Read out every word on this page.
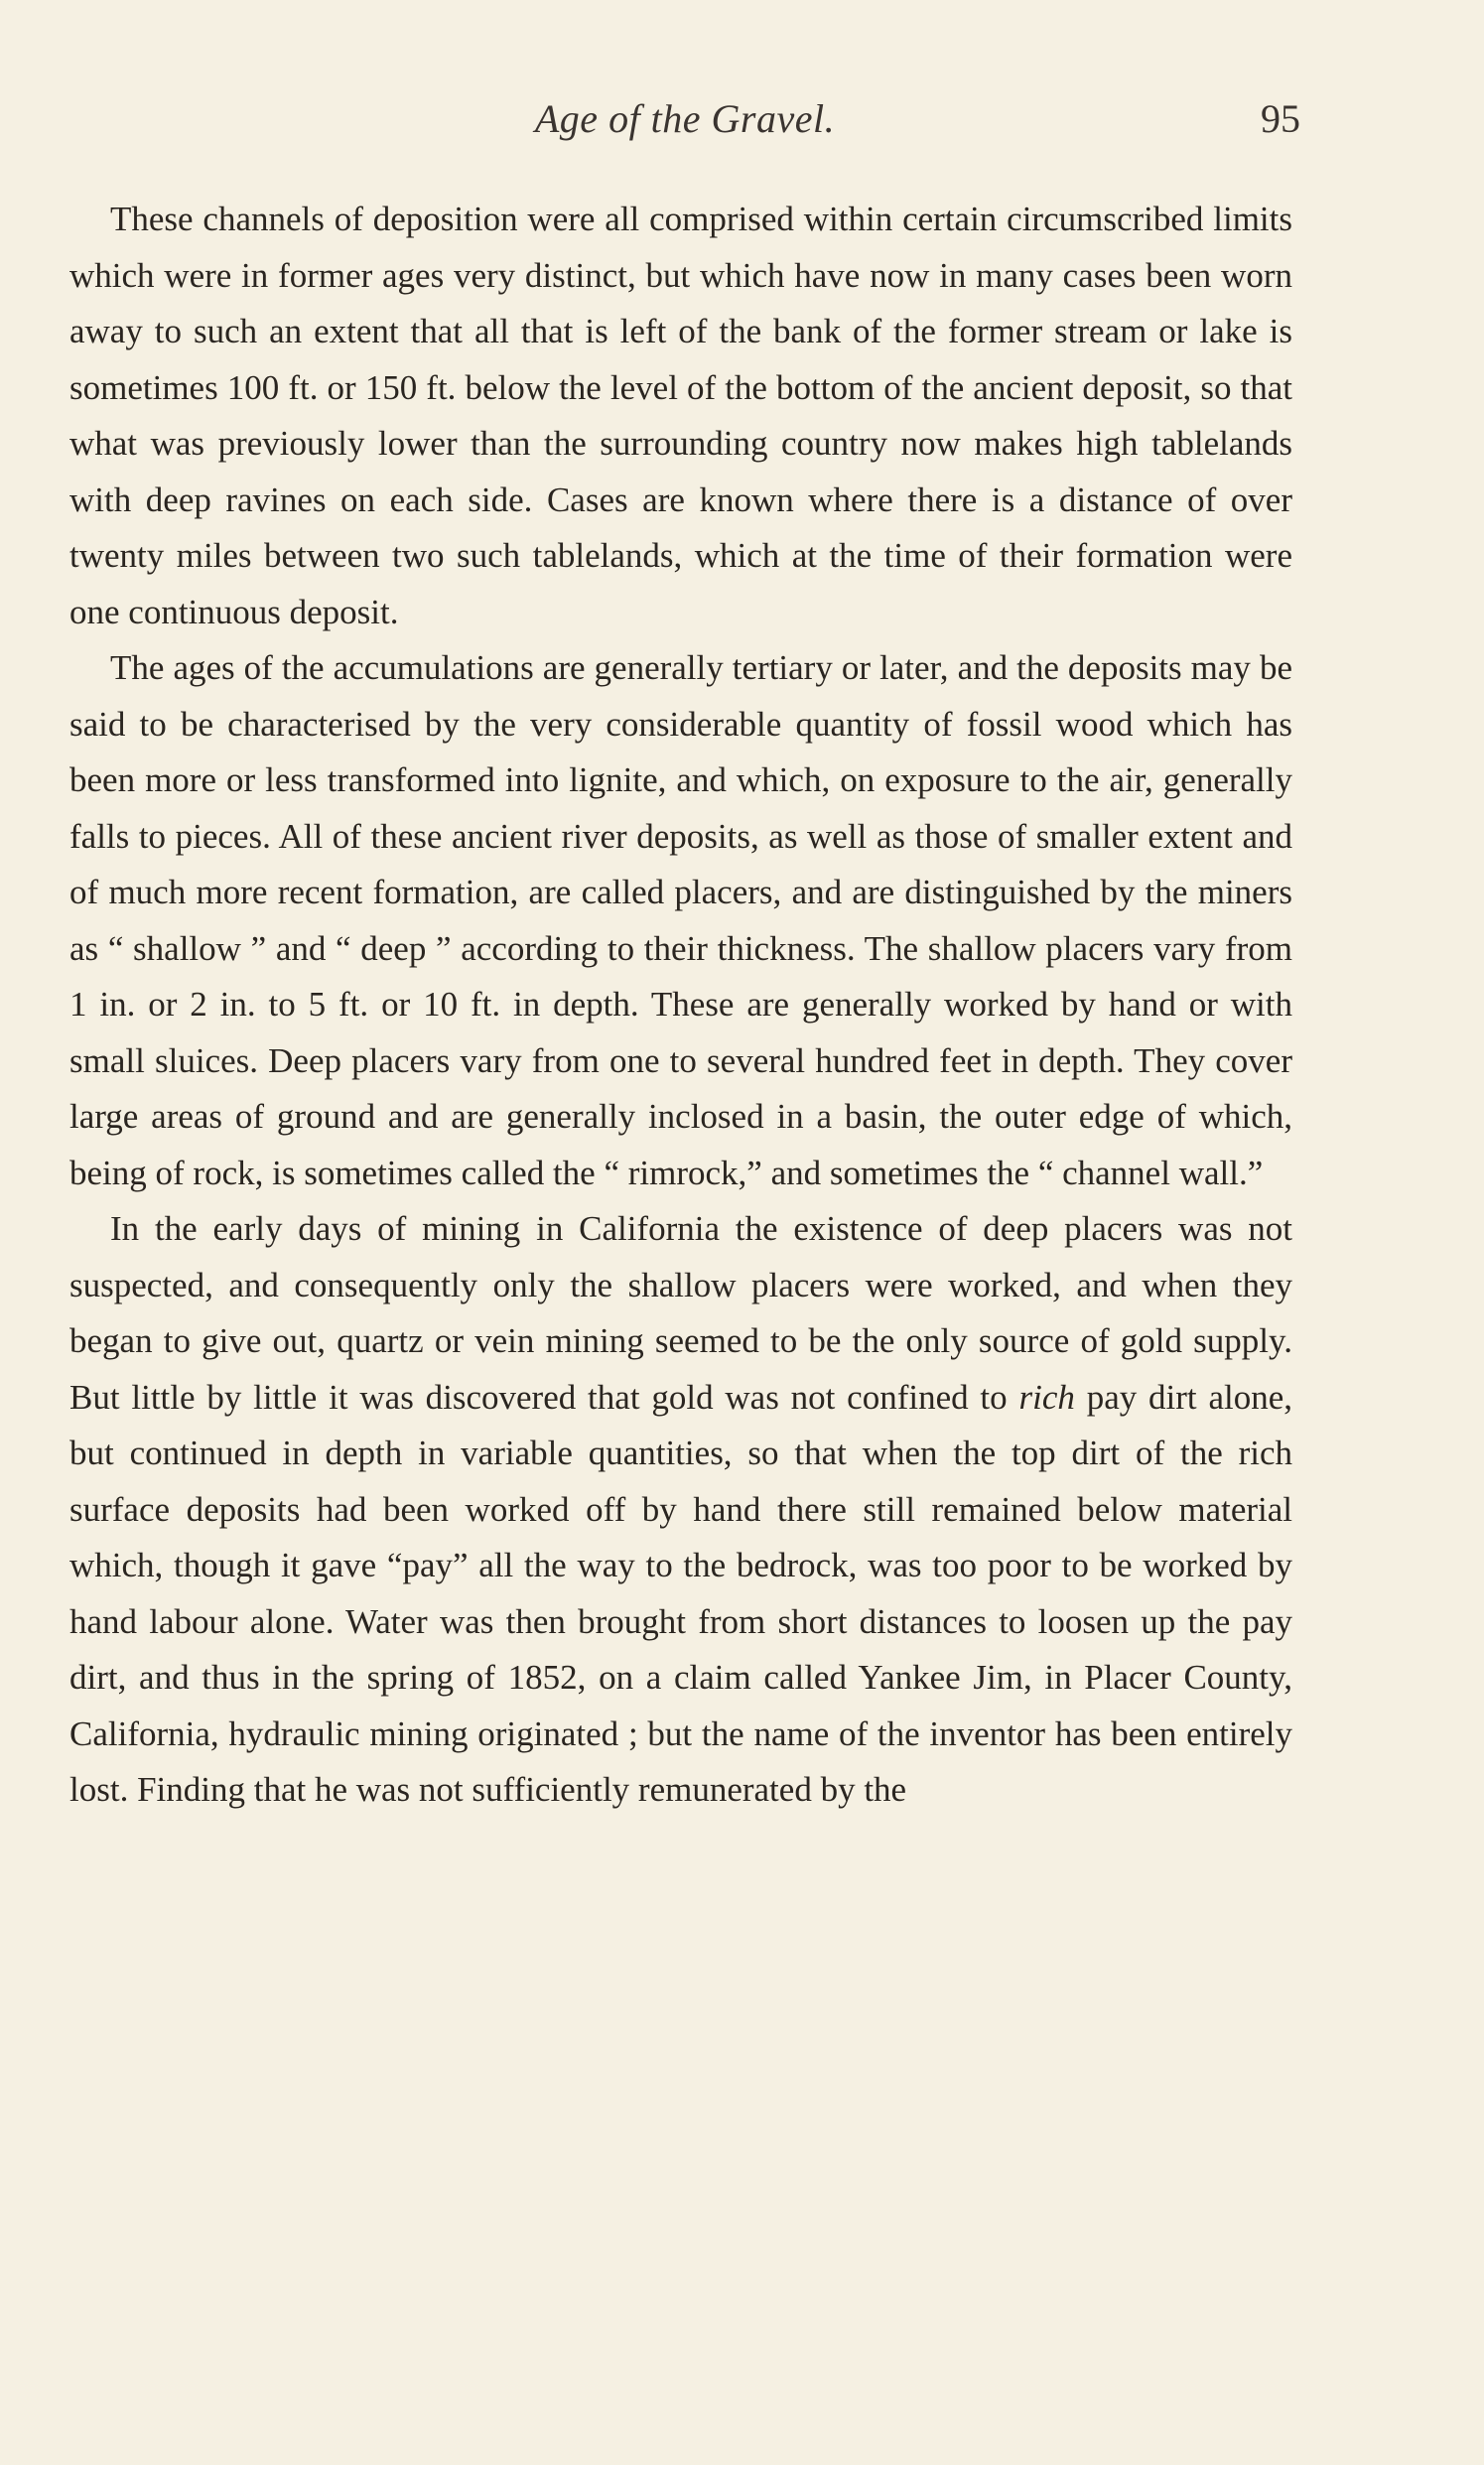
Age of the Gravel.	95

These channels of deposition were all comprised within certain circumscribed limits which were in former ages very distinct, but which have now in many cases been worn away to such an extent that all that is left of the bank of the former stream or lake is sometimes 100 ft. or 150 ft. below the level of the bottom of the ancient deposit, so that what was previously lower than the surrounding country now makes high tablelands with deep ravines on each side. Cases are known where there is a distance of over twenty miles between two such tablelands, which at the time of their formation were one continuous deposit.

The ages of the accumulations are generally tertiary or later, and the deposits may be said to be characterised by the very considerable quantity of fossil wood which has been more or less transformed into lignite, and which, on exposure to the air, generally falls to pieces. All of these ancient river deposits, as well as those of smaller extent and of much more recent formation, are called placers, and are distinguished by the miners as “ shallow ” and “ deep ” according to their thickness. The shallow placers vary from 1 in. or 2 in. to 5 ft. or 10 ft. in depth. These are generally worked by hand or with small sluices. Deep placers vary from one to several hundred feet in depth. They cover large areas of ground and are generally inclosed in a basin, the outer edge of which, being of rock, is sometimes called the “ rimrock,” and sometimes the “ channel wall.”

In the early days of mining in California the existence of deep placers was not suspected, and consequently only the shallow placers were worked, and when they began to give out, quartz or vein mining seemed to be the only source of gold supply. But little by little it was discovered that gold was not confined to rich pay dirt alone, but continued in depth in variable quantities, so that when the top dirt of the rich surface deposits had been worked off by hand there still remained below material which, though it gave “pay” all the way to the bedrock, was too poor to be worked by hand labour alone. Water was then brought from short distances to loosen up the pay dirt, and thus in the spring of 1852, on a claim called Yankee Jim, in Placer County, California, hydraulic mining originated ; but the name of the inventor has been entirely lost. Finding that he was not sufficiently remunerated by the
